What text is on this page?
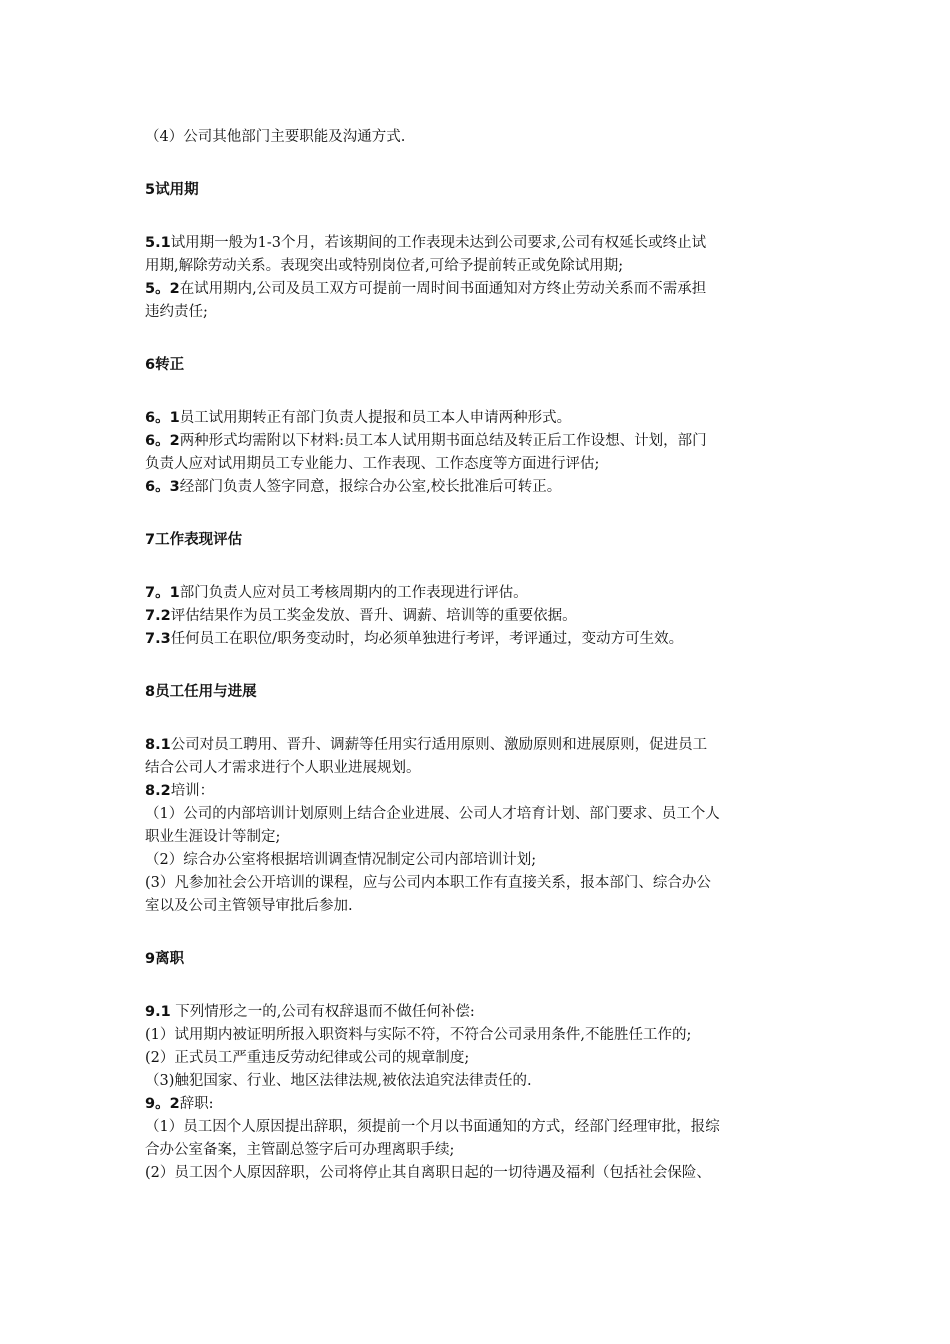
（4）公司其他部门主要职能及沟通方式.

5试用期

5.1试用期一般为1-3个月，若该期间的工作表现未达到公司要求,公司有权延长或终止试

用期,解除劳动关系。表现突出或特别岗位者,可给予提前转正或免除试用期;

5。2在试用期内,公司及员工双方可提前一周时间书面通知对方终止劳动关系而不需承担

违约责任;

6转正

6。1员工试用期转正有部门负责人提报和员工本人申请两种形式。

6。2两种形式均需附以下材料:员工本人试用期书面总结及转正后工作设想、计划，部门

负责人应对试用期员工专业能力、工作表现、工作态度等方面进行评估;

6。3经部门负责人签字同意，报综合办公室,校长批准后可转正。

7工作表现评估

7。1部门负责人应对员工考核周期内的工作表现进行评估。

7.2评估结果作为员工奖金发放、晋升、调薪、培训等的重要依据。

7.3任何员工在职位/职务变动时，均必须单独进行考评，考评通过，变动方可生效。

8员工任用与进展

8.1公司对员工聘用、晋升、调薪等任用实行适用原则、激励原则和进展原则，促进员工

结合公司人才需求进行个人职业进展规划。

8.2培训：

（1）公司的内部培训计划原则上结合企业进展、公司人才培育计划、部门要求、员工个人

职业生涯设计等制定;

（2）综合办公室将根据培训调查情况制定公司内部培训计划;

(3）凡参加社会公开培训的课程，应与公司内本职工作有直接关系，报本部门、综合办公

室以及公司主管领导审批后参加.

9离职

9.1 下列情形之一的,公司有权辞退而不做任何补偿:

(1）试用期内被证明所报入职资料与实际不符，不符合公司录用条件,不能胜任工作的;

(2）正式员工严重违反劳动纪律或公司的规章制度;

（3)触犯国家、行业、地区法律法规,被依法追究法律责任的.

9。2辞职:

（1）员工因个人原因提出辞职，须提前一个月以书面通知的方式，经部门经理审批，报综

合办公室备案，主管副总签字后可办理离职手续;

(2）员工因个人原因辞职，公司将停止其自离职日起的一切待遇及福利（包括社会保险、
